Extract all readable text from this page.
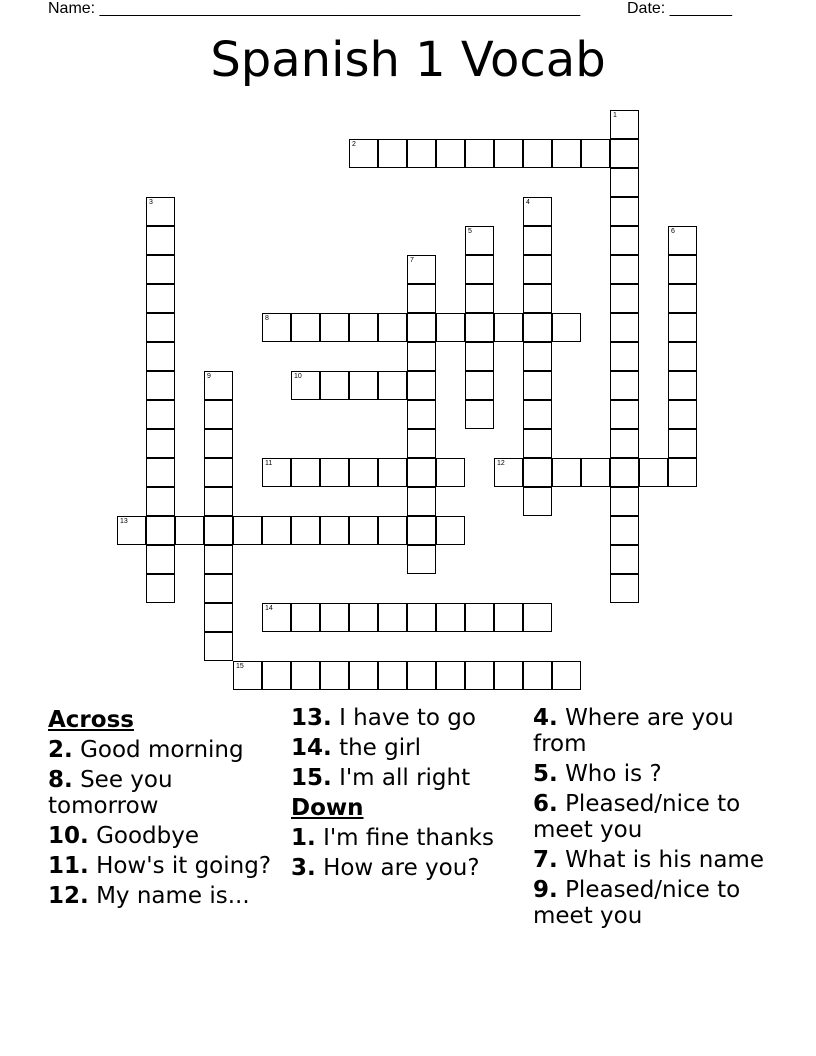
Name: ______________________________________________________	Date: _______
Spanish 1 Vocab
1
2
3	4
5	6
7
8
9	10
11	12
13
14
15
Across
2. Good morning
8. See you tomorrow
10. Goodbye
11. How's it going?
12. My name is...
13. I have to go
14. the girl
15. I'm all right
Down
1. I'm fine thanks
3. How are you?
4. Where are you from
5. Who is ?
6. Pleased/nice to meet you
7. What is his name
9. Pleased/nice to meet you
